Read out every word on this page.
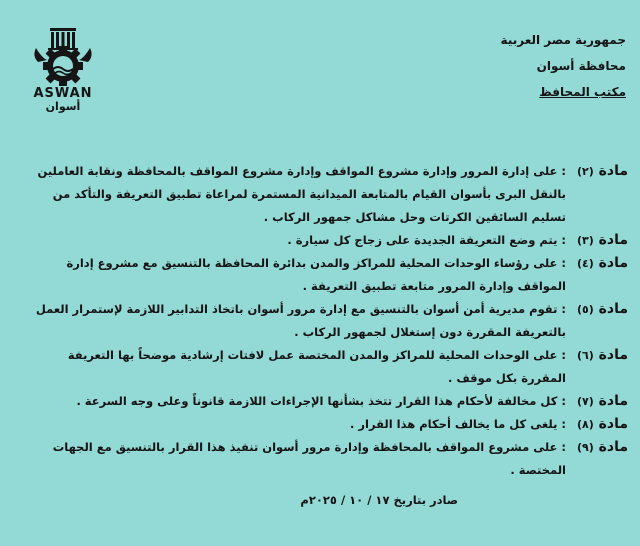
ASWAN
أسوان
جمهورية مصر العربية
محافظة أسوان
مكتب المحافظ
مادة (٢)
: على إدارة المرور وإدارة مشروع المواقف وإدارة مشروع المواقف بالمحافظة ونقابة العاملين بالنقل البرى بأسوان القيام بالمتابعة الميدانية المستمرة لمراعاة تطبيق التعريفة والتأكد من تسليم السائقين الكرتات وحل مشاكل جمهور الركاب .
مادة (٣)
: يتم وضع التعريفة الجديدة على زجاج كل سيارة .
مادة (٤)
: على رؤساء الوحدات المحلية للمراكز والمدن بدائرة المحافظة بالتنسيق مع مشروع إدارة المواقف وإدارة المرور متابعة تطبيق التعريفة .
مادة (٥)
: تقوم مديرية أمن أسوان بالتنسيق مع إدارة مرور أسوان باتخاذ التدابير اللازمة لإستمرار العمل بالتعريفة المقررة دون إستغلال لجمهور الركاب .
مادة (٦)
: على الوحدات المحلية للمراكز والمدن المختصة عمل لافتات إرشادية موضحاً بها التعريفة المقررة بكل موقف .
مادة (٧)
: كل مخالفة لأحكام هذا القرار تتخذ بشأنها الإجراءات اللازمة قانوناً وعلى وجه السرعة .
مادة (٨)
: يلغى كل ما يخالف أحكام هذا القرار .
مادة (٩)
: على مشروع المواقف بالمحافظة وإدارة مرور أسوان تنفيذ هذا القرار بالتنسيق مع الجهات المختصة .
صادر بتاريخ ١٧ / ١٠ / ٢٠٢٥م
